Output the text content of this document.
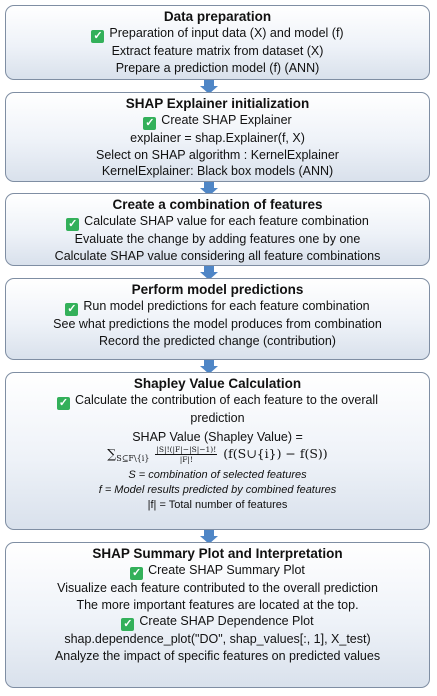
Data preparation
✓ Preparation of input data (X) and model (f)
Extract feature matrix from dataset (X)
Prepare a prediction model (f) (ANN)
SHAP Explainer initialization
✓ Create SHAP Explainer
explainer = shap.Explainer(f, X)
Select on SHAP algorithm : KernelExplainer
KernelExplainer: Black box models (ANN)
Create a combination of features
✓ Calculate SHAP value for each feature combination
Evaluate the change by adding features one by one
Calculate SHAP value considering all feature combinations
Perform model predictions
✓ Run model predictions for each feature combination
See what predictions the model produces from combination
Record the predicted change (contribution)
Shapley Value Calculation
✓ Calculate the contribution of each feature to the overall
prediction
SHAP Value (Shapley Value) =
$\sum_{S⊆F\backslash\{i\}} \frac{|S|!(|F|-|S|-1)!}{|F|!}$ (f(S∪{i}) − f(S))
S = combination of selected features
f = Model results predicted by combined features
|f| = Total number of features
SHAP Summary Plot and Interpretation
✓ Create SHAP Summary Plot
Visualize each feature contributed to the overall prediction
The more important features are located at the top.
✓ Create SHAP Dependence Plot
shap.dependence_plot("DO", shap_values[:, 1], X_test)
Analyze the impact of specific features on predicted values
